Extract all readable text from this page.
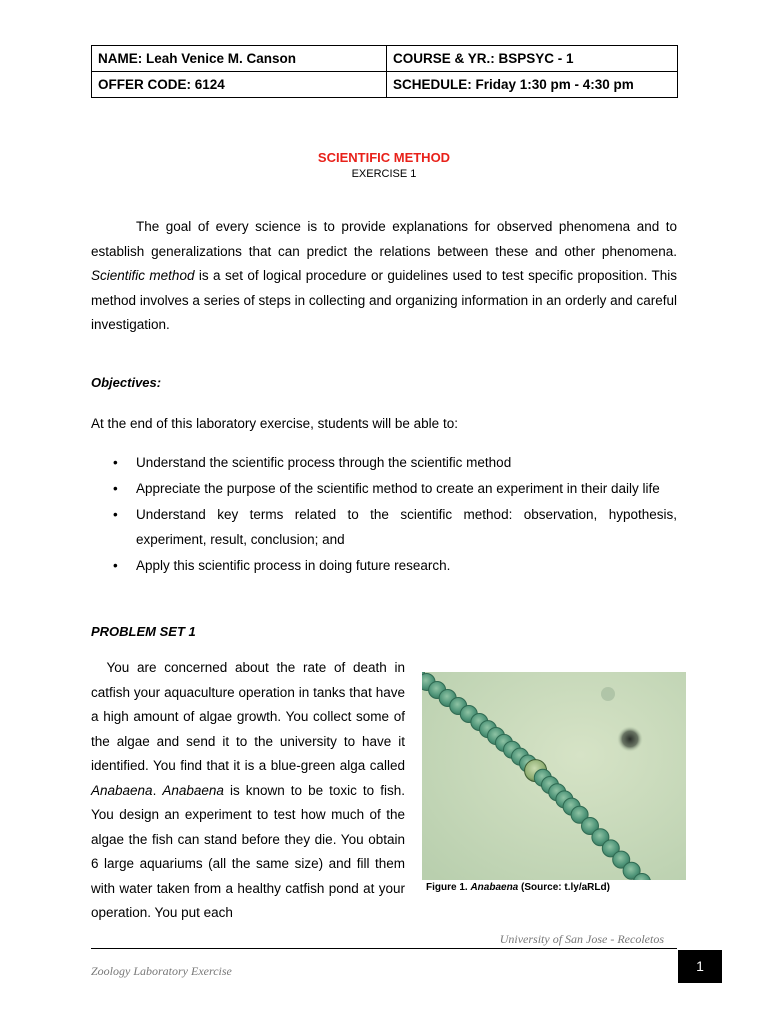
NAME: Leah Venice M. Canson	COURSE & YR.: BSPSYC - 1
OFFER CODE: 6124	SCHEDULE: Friday 1:30 pm - 4:30 pm
SCIENTIFIC METHOD
EXERCISE 1

The goal of every science is to provide explanations for observed phenomena and to establish generalizations that can predict the relations between these and other phenomena. Scientific method is a set of logical procedure or guidelines used to test specific proposition. This method involves a series of steps in collecting and organizing information in an orderly and careful investigation.

Objectives:

At the end of this laboratory exercise, students will be able to:

• Understand the scientific process through the scientific method
• Appreciate the purpose of the scientific method to create an experiment in their daily life
• Understand key terms related to the scientific method: observation, hypothesis, experiment, result, conclusion; and
• Apply this scientific process in doing future research.

PROBLEM SET 1

You are concerned about the rate of death in catfish your aquaculture operation in tanks that have a high amount of algae growth. You collect some of the algae and send it to the university to have it identified. You find that it is a blue-green alga called Anabaena. Anabaena is known to be toxic to fish. You design an experiment to test how much of the algae the fish can stand before they die. You obtain 6 large aquariums (all the same size) and fill them with water taken from a healthy catfish pond at your operation. You put each

Figure 1. Anabaena (Source: t.ly/aRLd)
University of San Jose - Recoletos
Zoology Laboratory Exercise	1
